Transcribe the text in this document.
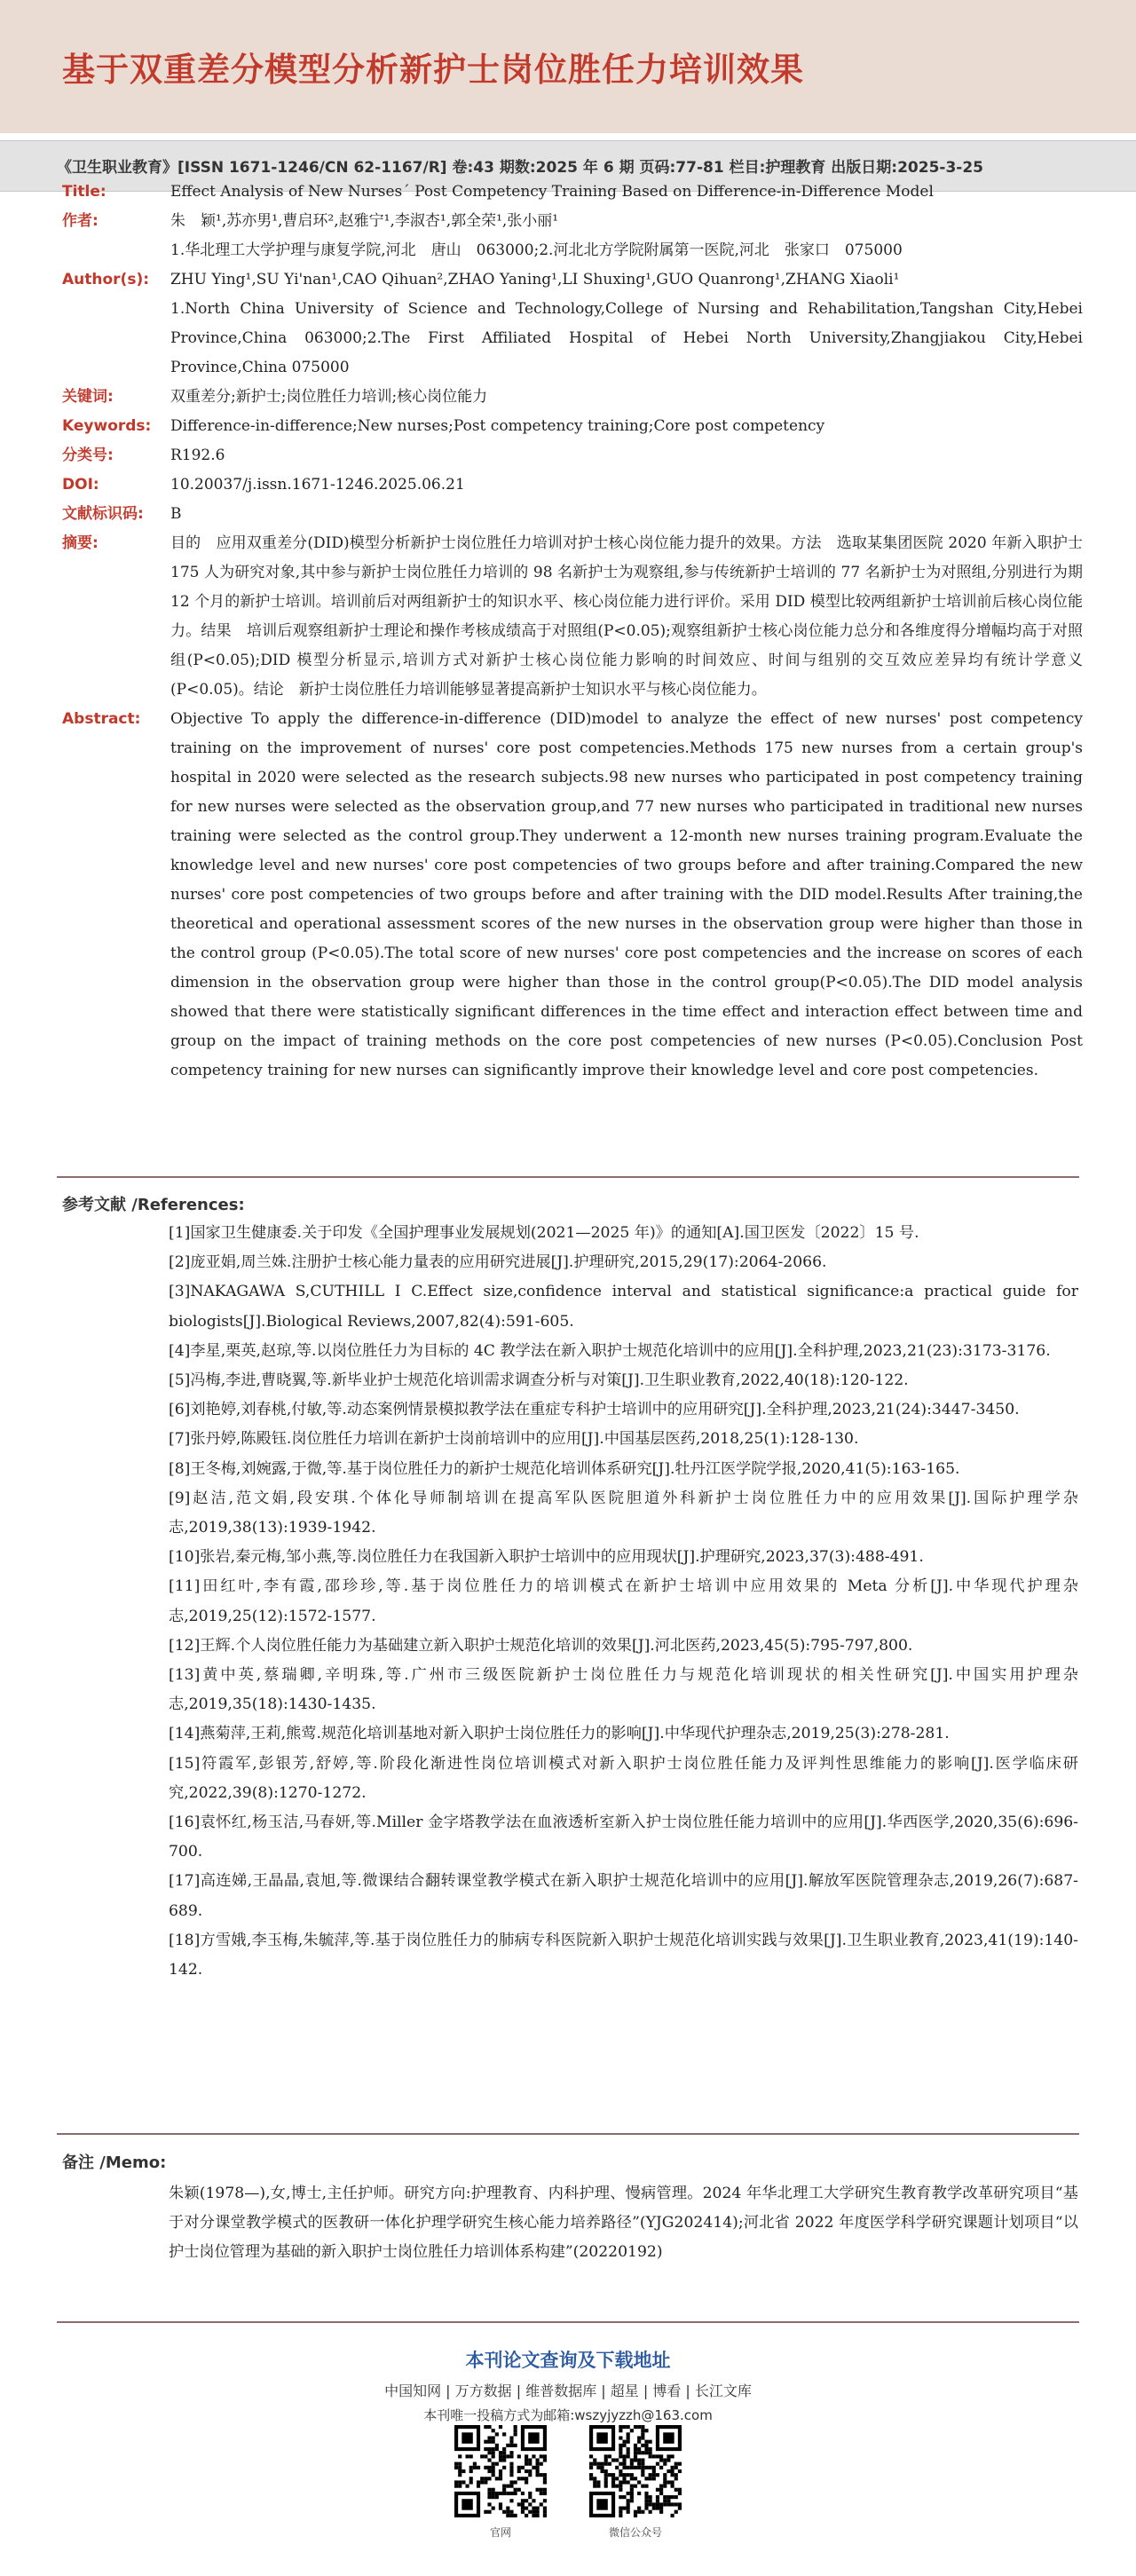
基于双重差分模型分析新护士岗位胜任力培训效果
《卫生职业教育》[ISSN 1671-1246/CN 62-1167/R] 卷:43 期数:2025 年 6 期 页码:77-81 栏目:护理教育 出版日期:2025-3-25
Title:	Effect Analysis of New Nurses´ Post Competency Training Based on Difference-in-Difference Model
作者:	朱　颖¹,苏亦男¹,曹启环²,赵雅宁¹,李淑杏¹,郭全荣¹,张小丽¹
1.华北理工大学护理与康复学院,河北　唐山　063000;2.河北北方学院附属第一医院,河北　张家口　075000
Author(s):	ZHU Ying¹,SU Yi'nan¹,CAO Qihuan²,ZHAO Yaning¹,LI Shuxing¹,GUO Quanrong¹,ZHANG Xiaoli¹
1.North China University of Science and Technology,College of Nursing and Rehabilitation,Tangshan City,Hebei Province,China 063000;2.The First Affiliated Hospital of Hebei North University,Zhangjiakou City,Hebei Province,China 075000
关键词:	双重差分;新护士;岗位胜任力培训;核心岗位能力
Keywords:	Difference-in-difference;New nurses;Post competency training;Core post competency
分类号:	R192.6
DOI:	10.20037/j.issn.1671-1246.2025.06.21
文献标识码:	B
摘要:	目的　应用双重差分(DID)模型分析新护士岗位胜任力培训对护士核心岗位能力提升的效果。方法　选取某集团医院 2020 年新入职护士 175 人为研究对象,其中参与新护士岗位胜任力培训的 98 名新护士为观察组,参与传统新护士培训的 77 名新护士为对照组,分别进行为期 12 个月的新护士培训。培训前后对两组新护士的知识水平、核心岗位能力进行评价。采用 DID 模型比较两组新护士培训前后核心岗位能力。结果　培训后观察组新护士理论和操作考核成绩高于对照组(P<0.05);观察组新护士核心岗位能力总分和各维度得分增幅均高于对照组(P<0.05);DID 模型分析显示,培训方式对新护士核心岗位能力影响的时间效应、时间与组别的交互效应差异均有统计学意义(P<0.05)。结论　新护士岗位胜任力培训能够显著提高新护士知识水平与核心岗位能力。
Abstract:	Objective To apply the difference-in-difference (DID)model to analyze the effect of new nurses' post competency training on the improvement of nurses' core post competencies.Methods 175 new nurses from a certain group's hospital in 2020 were selected as the research subjects.98 new nurses who participated in post competency training for new nurses were selected as the observation group,and 77 new nurses who participated in traditional new nurses training were selected as the control group.They underwent a 12-month new nurses training program.Evaluate the knowledge level and new nurses' core post competencies of two groups before and after training.Compared the new nurses' core post competencies of two groups before and after training with the DID model.Results After training,the theoretical and operational assessment scores of the new nurses in the observation group were higher than those in the control group (P<0.05).The total score of new nurses' core post competencies and the increase on scores of each dimension in the observation group were higher than those in the control group(P<0.05).The DID model analysis showed that there were statistically significant differences in the time effect and interaction effect between time and group on the impact of training methods on the core post competencies of new nurses (P<0.05).Conclusion Post competency training for new nurses can significantly improve their knowledge level and core post competencies.
参考文献 /References:

[1]国家卫生健康委.关于印发《全国护理事业发展规划(2021—2025 年)》的通知[A].国卫医发〔2022〕15 号.

[2]庞亚娟,周兰姝.注册护士核心能力量表的应用研究进展[J].护理研究,2015,29(17):2064-2066.

[3]NAKAGAWA S,CUTHILL I C.Effect size,confidence interval and statistical significance:a practical guide for biologists[J].Biological Reviews,2007,82(4):591-605.

[4]李星,栗英,赵琼,等.以岗位胜任力为目标的 4C 教学法在新入职护士规范化培训中的应用[J].全科护理,2023,21(23):3173-3176.

[5]冯梅,李进,曹晓翼,等.新毕业护士规范化培训需求调查分析与对策[J].卫生职业教育,2022,40(18):120-122.

[6]刘艳婷,刘春桃,付敏,等.动态案例情景模拟教学法在重症专科护士培训中的应用研究[J].全科护理,2023,21(24):3447-3450.

[7]张丹婷,陈殿钰.岗位胜任力培训在新护士岗前培训中的应用[J].中国基层医药,2018,25(1):128-130.

[8]王冬梅,刘婉露,于微,等.基于岗位胜任力的新护士规范化培训体系研究[J].牡丹江医学院学报,2020,41(5):163-165.

[9]赵洁,范文娟,段安琪.个体化导师制培训在提高军队医院胆道外科新护士岗位胜任力中的应用效果[J].国际护理学杂志,2019,38(13):1939-1942.

[10]张岩,秦元梅,邹小燕,等.岗位胜任力在我国新入职护士培训中的应用现状[J].护理研究,2023,37(3):488-491.

[11]田红叶,李有霞,邵珍珍,等.基于岗位胜任力的培训模式在新护士培训中应用效果的 Meta 分析[J].中华现代护理杂志,2019,25(12):1572-1577.

[12]王辉.个人岗位胜任能力为基础建立新入职护士规范化培训的效果[J].河北医药,2023,45(5):795-797,800.

[13]黄中英,蔡瑞卿,辛明珠,等.广州市三级医院新护士岗位胜任力与规范化培训现状的相关性研究[J].中国实用护理杂志,2019,35(18):1430-1435.

[14]燕菊萍,王莉,熊莺.规范化培训基地对新入职护士岗位胜任力的影响[J].中华现代护理杂志,2019,25(3):278-281.

[15]符霞军,彭银芳,舒婷,等.阶段化渐进性岗位培训模式对新入职护士岗位胜任能力及评判性思维能力的影响[J].医学临床研究,2022,39(8):1270-1272.

[16]袁怀红,杨玉洁,马春妍,等.Miller 金字塔教学法在血液透析室新入护士岗位胜任能力培训中的应用[J].华西医学,2020,35(6):696-700.

[17]高连娣,王晶晶,袁旭,等.微课结合翻转课堂教学模式在新入职护士规范化培训中的应用[J].解放军医院管理杂志,2019,26(7):687-689.

[18]方雪娥,李玉梅,朱毓萍,等.基于岗位胜任力的肺病专科医院新入职护士规范化培训实践与效果[J].卫生职业教育,2023,41(19):140-142.

备注 /Memo:
朱颖(1978—),女,博士,主任护师。研究方向:护理教育、内科护理、慢病管理。2024 年华北理工大学研究生教育教学改革研究项目“基于对分课堂教学模式的医教研一体化护理学研究生核心能力培养路径”(YJG202414);河北省 2022 年度医学科学研究课题计划项目“以护士岗位管理为基础的新入职护士岗位胜任力培训体系构建”(20220192)
本刊论文查询及下载地址
中国知网 | 万方数据 | 维普数据库 | 超星 | 博看 | 长江文库
本刊唯一投稿方式为邮箱:wszyjyzzh@163.com
官网	微信公众号
